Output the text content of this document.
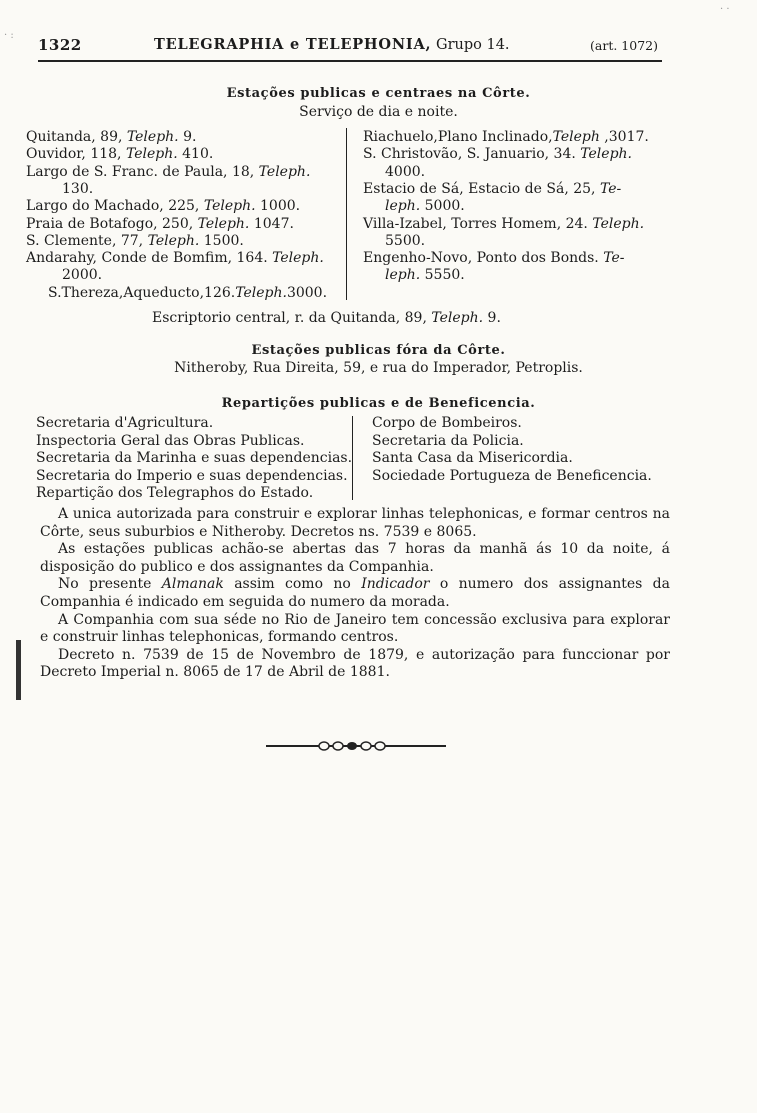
1322	TELEGRAPHIA e TELEPHONIA, Grupo 14.	(art. 1072)
Estações publicas e centraes na Côrte.
Serviço de dia e noite.
Quitanda, 89, Teleph. 9.
Ouvidor, 118, Teleph. 410.
Largo de S. Franc. de Paula, 18, Teleph.
130.
Largo do Machado, 225, Teleph. 1000.
Praia de Botafogo, 250, Teleph. 1047.
S. Clemente, 77, Teleph. 1500.
Andarahy, Conde de Bomfim, 164. Teleph.
2000.
S.Thereza,Aqueducto,126.Teleph.3000.
Riachuelo,Plano Inclinado,Teleph ,3017.
S. Christovão, S. Januario, 34. Teleph.
4000.
Estacio de Sá, Estacio de Sá, 25, Te-
leph. 5000.
Villa-Izabel, Torres Homem, 24. Teleph.
5500.
Engenho-Novo, Ponto dos Bonds. Te-
leph. 5550.
Escriptorio central, r. da Quitanda, 89, Teleph. 9.
Estações publicas fóra da Côrte.
Nitheroby, Rua Direita, 59, e rua do Imperador, Petroplis.
Repartições publicas e de Beneficencia.
Secretaria d'Agricultura.
Inspectoria Geral das Obras Publicas.
Secretaria da Marinha e suas dependencias.
Secretaria do Imperio e suas dependencias.
Repartição dos Telegraphos do Estado.
Corpo de Bombeiros.
Secretaria da Policia.
Santa Casa da Misericordia.
Sociedade Portugueza de Beneficencia.

A unica autorizada para construir e explorar linhas telephonicas, e formar centros na Côrte, seus suburbios e Nitheroby. Decretos ns. 7539 e 8065.

As estações publicas achão-se abertas das 7 horas da manhã ás 10 da noite, á disposição do publico e dos assignantes da Companhia.

No presente Almanak assim como no Indicador o numero dos assignantes da Companhia é indicado em seguida do numero da morada.

A Companhia com sua séde no Rio de Janeiro tem concessão exclusiva para explorar e construir linhas telephonicas, formando centros.

Decreto n. 7539 de 15 de Novembro de 1879, e autorização para funccionar por Decreto Imperial n. 8065 de 17 de Abril de 1881.

· :
· ·
